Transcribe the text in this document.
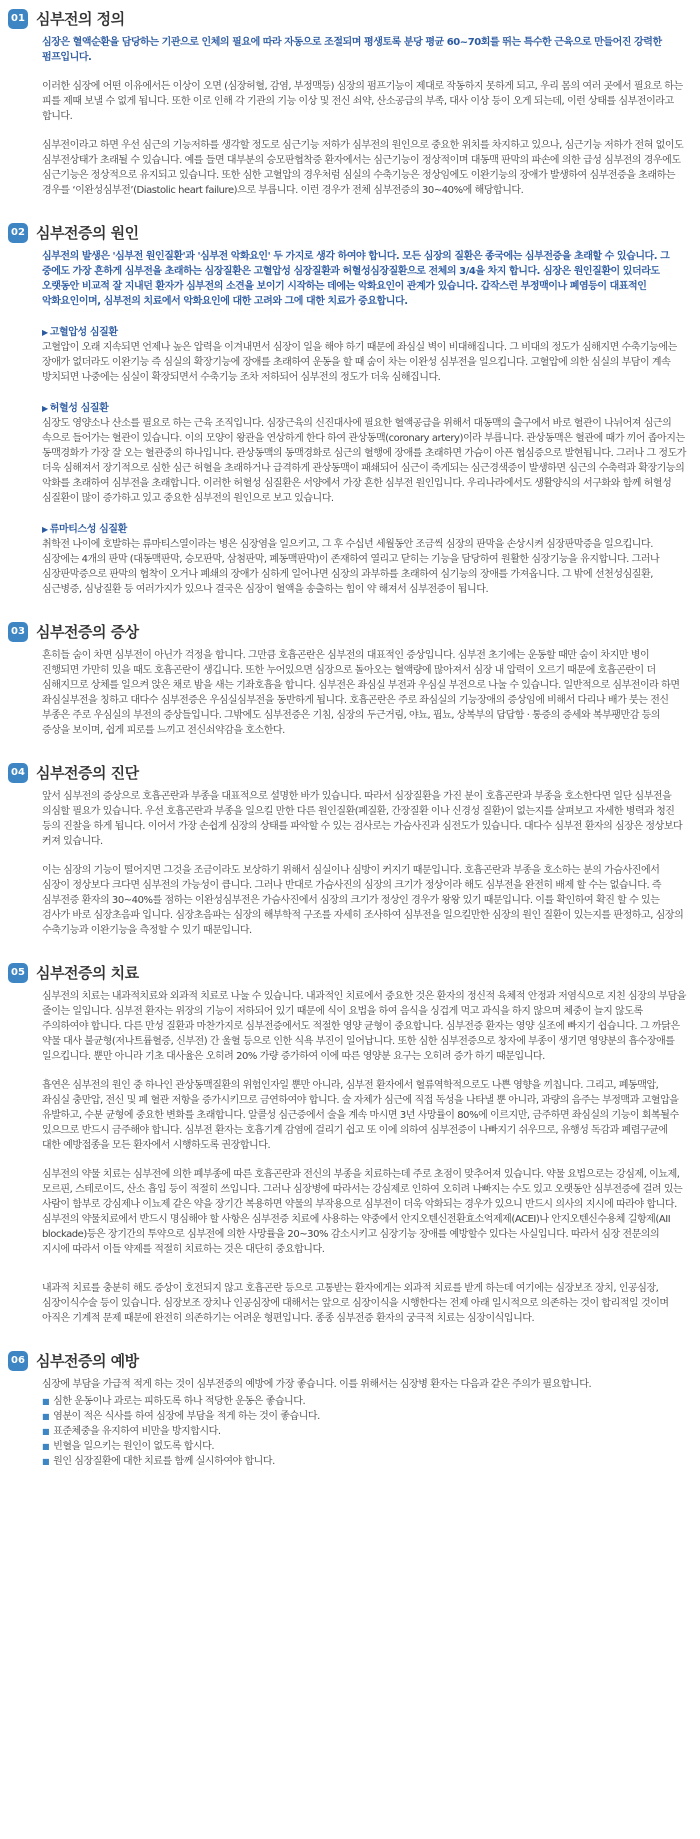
01 심부전의 정의

심장은 혈액순환을 담당하는 기관으로 인체의 필요에 따라 자동으로 조절되며 평생토록 분당 평균 60~70회를 뛰는 특수한 근육으로 만들어진 강력한 펌프입니다.

이러한 심장에 어떤 이유에서든 이상이 오면 (심장허혈, 감염, 부정맥등) 심장의 펌프기능이 제대로 작동하지 못하게 되고, 우리 몸의 여러 곳에서 필요로 하는 피를 제때 보낼 수 없게 됩니다. 또한 이로 인해 각 기관의 기능 이상 및 전신 쇠약, 산소공급의 부족, 대사 이상 등이 오게 되는데, 이런 상태를 심부전이라고 합니다.

심부전이라고 하면 우선 심근의 기능저하를 생각할 정도로 심근기능 저하가 심부전의 원인으로 중요한 위치를 차지하고 있으나, 심근기능 저하가 전혀 없이도 심부전상태가 초래될 수 있습니다. 예를 들면 대부분의 승모판협착증 환자에서는 심근기능이 정상적이며 대동맥 판막의 파손에 의한 급성 심부전의 경우에도 심근기능은 정상적으로 유지되고 있습니다. 또한 심한 고혈압의 경우처럼 심실의 수축기능은 정상임에도 이완기능의 장애가 발생하여 심부전증을 초래하는 경우를 ‘이완성심부전’(Diastolic heart failure)으로 부릅니다. 이런 경우가 전체 심부전증의 30~40%에 해당합니다.

02 심부전증의 원인

심부전의 발생은 '심부전 원인질환'과 '심부전 악화요인' 두 가지로 생각 하여야 합니다. 모든 심장의 질환은 종국에는 심부전증을 초래할 수 있습니다. 그 중에도 가장 흔하게 심부전을 초래하는 심장질환은 고혈압성 심장질환과 허혈성심장질환으로 전체의 3/4을 차지 합니다. 심장은 원인질환이 있더라도 오랫동안 비교적 잘 지내던 환자가 심부전의 소견을 보이기 시작하는 데에는 악화요인이 관계가 있습니다. 갑작스런 부정맥이나 폐염등이 대표적인 악화요인이며, 심부전의 치료에서 악화요인에 대한 고려와 그에 대한 치료가 중요합니다.

▶ 고혈압성 심질환

고혈압이 오래 지속되면 언제나 높은 압력을 이겨내면서 심장이 일을 해야 하기 때문에 좌심실 벽이 비대해집니다. 그 비대의 정도가 심해지면 수축기능에는 장애가 없더라도 이완기능 즉 심실의 확장기능에 장애를 초래하여 운동을 할 때 숨이 차는 이완성 심부전을 일으킵니다. 고혈압에 의한 심실의 부담이 계속 방치되면 나중에는 심실이 확장되면서 수축기능 조차 저하되어 심부전의 정도가 더욱 심해집니다.

▶ 허혈성 심질환

심장도 영양소나 산소를 필요로 하는 근육 조직입니다. 심장근육의 신진대사에 필요한 혈액공급을 위해서 대동맥의 출구에서 바로 혈관이 나뉘어져 심근의 속으로 들어가는 혈관이 있습니다. 이의 모양이 왕관을 연상하게 한다 하여 관상동맥(coronary artery)이라 부릅니다. 관상동맥은 혈관에 때가 끼어 좁아지는 동맥경화가 가장 잘 오는 혈관중의 하나입니다. 관상동맥의 동맥경화로 심근의 혈행에 장애를 초래하면 가슴이 아픈 협심증으로 발현됩니다. 그러나 그 정도가 더욱 심해져서 장기적으로 심한 심근 허혈을 초래하거나 급격하게 관상동맥이 패쇄되어 심근이 죽게되는 심근경색증이 발생하면 심근의 수축력과 확장기능의 악화를 초래하여 심부전을 초래합니다. 이러한 허혈성 심질환은 서양에서 가장 흔한 심부전 원인입니다. 우리나라에서도 생활양식의 서구화와 함께 허혈성 심질환이 많이 증가하고 있고 중요한 심부전의 원인으로 보고 있습니다.

▶ 류마티스성 심질환

취학전 나이에 호발하는 류마티스열이라는 병은 심장염을 일으키고, 그 후 수십년 세월동안 조금씩 심장의 판막을 손상시켜 심장판막증을 일으킵니다. 심장에는 4개의 판막 (대동맥판막, 승모판막, 삼첨판막, 폐동맥판막)이 존재하여 열리고 닫히는 기능을 담당하여 원활한 심장기능을 유지합니다. 그러나 심장판막증으로 판막의 협착이 오거나 폐쇄의 장애가 심하게 일어나면 심장의 과부하를 초래하여 심기능의 장애를 가져옵니다. 그 밖에 선천성심질환, 심근병증, 심낭질환 등 여러가지가 있으나 결국은 심장이 혈액을 송출하는 힘이 약 해져서 심부전증이 됩니다.

03 심부전증의 증상

흔히들 숨이 차면 심부전이 아닌가 걱정을 합니다. 그만큼 호흡곤란은 심부전의 대표적인 증상입니다. 심부전 초기에는 운동할 때만 숨이 차지만 병이 진행되면 가만히 있을 때도 호흡곤란이 생깁니다. 또한 누어있으면 심장으로 돌아오는 혈액량에 많아져서 심장 내 압력이 오르기 때문에 호흡곤란이 더 심해지므로 상체를 일으켜 앉은 채로 밤을 새는 기좌호흡을 합니다. 심부전은 좌심실 부전과 우심실 부전으로 나눌 수 있습니다. 일반적으로 심부전이라 하면 좌심실부전을 칭하고 대다수 심부전증은 우심실심부전을 동반하게 됩니다. 호흡곤란은 주로 좌심실의 기능장애의 증상임에 비해서 다리나 배가 붓는 전신 부종은 주로 우심실의 부전의 증상들입니다. 그밖에도 심부전증은 기침, 심장의 두근거림, 야뇨, 핍뇨, 상복부의 답답함 · 통증의 증세와 복부팽만감 등의 증상을 보이며, 쉽게 피로를 느끼고 전신쇠약감을 호소한다.

04 심부전증의 진단

앞서 심부전의 증상으로 호흡곤란과 부종을 대표적으로 설명한 바가 있습니다. 따라서 심장질환을 가진 분이 호흡곤란과 부종을 호소한다면 일단 심부전을 의심할 필요가 있습니다. 우선 호흡곤란과 부종을 일으킬 만한 다른 원인질환(폐질환, 간장질환 이나 신경성 질환)이 없는지를 살펴보고 자세한 병력과 청진 등의 진찰을 하게 됩니다. 이어서 가장 손쉽게 심장의 상태를 파악할 수 있는 검사로는 가슴사진과 심전도가 있습니다. 대다수 심부전 환자의 심장은 정상보다 커져 있습니다.

이는 심장의 기능이 떨어지면 그것을 조금이라도 보상하기 위해서 심실이나 심방이 커지기 때문입니다. 호흡곤란과 부종을 호소하는 분의 가슴사진에서 심장이 정상보다 크다면 심부전의 가능성이 큽니다. 그러나 반대로 가슴사진의 심장의 크기가 정상이라 해도 심부전을 완전히 배제 할 수는 없습니다. 즉 심부전증 환자의 30~40%를 점하는 이완성심부전은 가슴사진에서 심장의 크기가 정상인 경우가 왕왕 있기 때문입니다. 이를 확인하여 확진 할 수 있는 검사가 바로 심장초음파 입니다. 심장초음파는 심장의 해부학적 구조를 자세히 조사하여 심부전을 일으킬만한 심장의 원인 질환이 있는지를 판정하고, 심장의 수축기능과 이완기능을 측정할 수 있기 때문입니다.

05 심부전증의 치료

심부전의 치료는 내과적치료와 외과적 치료로 나눌 수 있습니다. 내과적인 치료에서 중요한 것은 환자의 정신적 육체적 안정과 저염식으로 지친 심장의 부담을 줄이는 일입니다. 심부전 환자는 위장의 기능이 저하되어 있기 때문에 식이 요법을 하여 음식을 싱겁게 먹고 과식을 하지 않으며 체중이 늘지 않도록 주의하여야 합니다. 다른 만성 질환과 마찬가지로 심부전증에서도 적절한 영양 균형이 중요합니다. 심부전증 환자는 영양 실조에 빠지기 쉽습니다. 그 까닭은 약물 대사 불균형(저나트륨혈증, 신부전) 간 울혈 등으로 인한 식욕 부진이 일어납니다. 또한 심한 심부전증으로 창자에 부종이 생기면 영양분의 흡수장애를 일으킵니다. 뿐만 아니라 기초 대사율은 오히려 20% 가량 증가하여 이에 따른 영양분 요구는 오히려 증가 하기 때문입니다.

흡연은 심부전의 원인 중 하나인 관상동맥질환의 위험인자일 뿐만 아니라, 심부전 환자에서 혈류역학적으로도 나쁜 영향을 끼칩니다. 그리고, 폐동맥압, 좌심실 충만압, 전신 및 폐 혈관 저항을 증가시키므로 금연하여야 합니다. 술 자체가 심근에 직접 독성을 나타낼 뿐 아니라, 과량의 음주는 부정맥과 고혈압을 유발하고, 수분 균형에 중요한 변화를 초래합니다. 알콜성 심근증에서 술을 계속 마시면 3년 사망률이 80%에 이르지만, 금주하면 좌심실의 기능이 회복될수 있으므로 반드시 금주해야 합니다. 심부전 환자는 호흡기계 감염에 걸리기 쉽고 또 이에 의하여 심부전증이 나빠지기 쉬우므로, 유행성 독감과 폐렴구균에 대한 예방접종을 모든 환자에서 시행하도록 권장합니다.

심부전의 약물 치료는 심부전에 의한 폐부종에 따른 호흡곤란과 전신의 부종을 치료하는데 주로 초점이 맞추어져 있습니다. 약물 요법으로는 강심제, 이뇨제, 모르핀, 스테로이드, 산소 흡입 등이 적절히 쓰입니다. 그러나 심장병에 따라서는 강심제로 인하여 오히려 나빠지는 수도 있고 오랫동안 심부전증에 걸려 있는 사람이 함부로 강심제나 이뇨제 같은 약을 장기간 복용하면 약물의 부작용으로 심부전이 더욱 악화되는 경우가 있으니 반드시 의사의 지시에 따라야 합니다.심부전의 약물치료에서 반드시 명심해야 할 사항은 심부전증 치료에 사용하는 약중에서 안지오텐신전환효소억제제(ACEI)나 안지오텐신수용체 길항제(AII blockade)등은 장기간의 투약으로 심부전에 의한 사망률을 20~30% 감소시키고 심장기능 장애를 예방할수 있다는 사실입니다. 따라서 심장 전문의의 지시에 따라서 이들 약제를 적절히 치료하는 것은 대단히 중요합니다.

내과적 치료를 충분히 해도 증상이 호전되지 않고 호흡곤란 등으로 고통받는 환자에게는 외과적 치료를 받게 하는데 여기에는 심장보조 장치, 인공심장, 심장이식수술 등이 있습니다. 심장보조 장치나 인공심장에 대해서는 앞으로 심장이식을 시행한다는 전제 아래 일시적으로 의존하는 것이 합리적일 것이며 아직은 기계적 문제 때문에 완전히 의존하기는 어려운 형편입니다. 종종 심부전증 환자의 궁극적 치료는 심장이식입니다.

06 심부전증의 예방

심장에 부담을 가급적 적게 하는 것이 심부전증의 예방에 가장 좋습니다. 이를 위해서는 심장병 환자는 다음과 같은 주의가 필요합니다.

■ 심한 운동이나 과로는 피하도록 하나 적당한 운동은 좋습니다.
■ 염분이 적은 식사를 하여 심장에 부담을 적게 하는 것이 좋습니다.
■ 표준체중을 유지하여 비만을 방지합시다.
■ 빈혈을 일으키는 원인이 없도록 합시다.
■ 원인 심장질환에 대한 치료를 함께 실시하여야 합니다.
